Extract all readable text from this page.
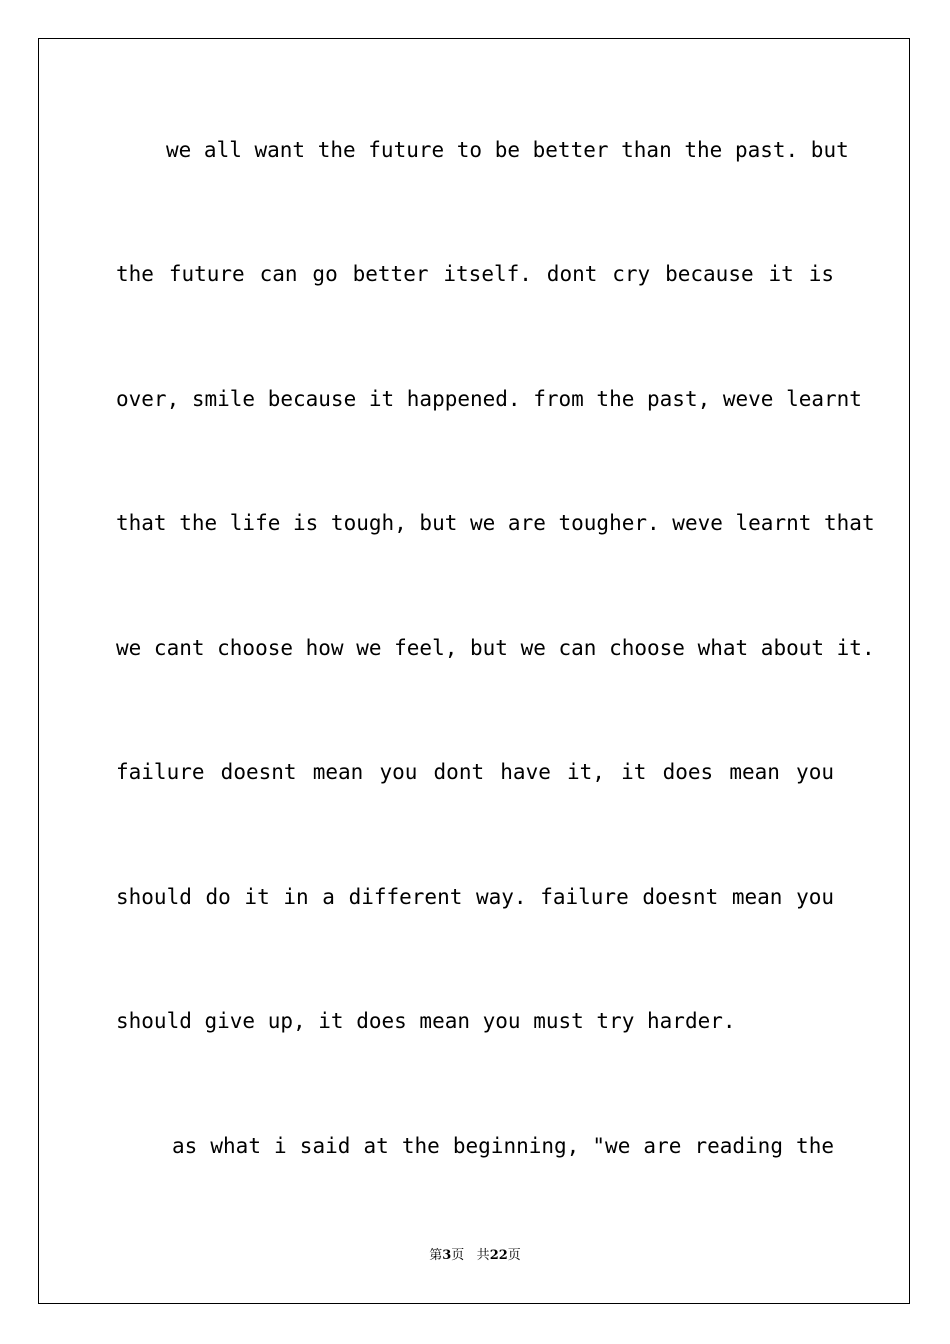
we all want the future to be better than the past. but
the future can go better itself. dont cry because it is
over, smile because it happened. from the past, weve learnt
that the life is tough, but we are tougher. weve learnt that
we cant choose how we feel, but we can choose what about it.
failure doesnt mean you dont have it, it does mean you
should do it in a different way. failure doesnt mean you
should give up, it does mean you must try harder.
as what i said at the beginning, "we are reading the
第3页 共22页
